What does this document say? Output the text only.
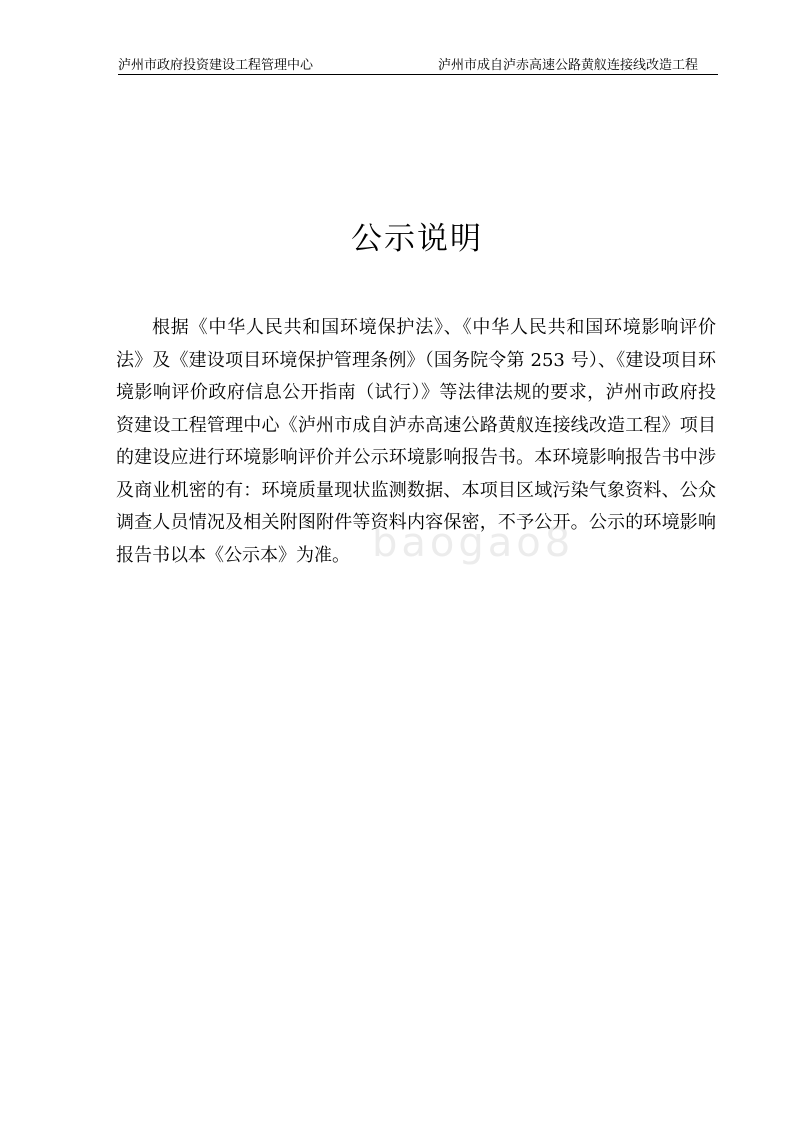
泸州市政府投资建设工程管理中心	泸州市成自泸赤高速公路黄舣连接线改造工程
公示说明

根据《中华人民共和国环境保护法》、《中华人民共和国环境影响评价法》及《建设项目环境保护管理条例》（国务院令第 253 号）、《建设项目环境影响评价政府信息公开指南（试行）》等法律法规的要求，泸州市政府投资建设工程管理中心《泸州市成自泸赤高速公路黄舣连接线改造工程》项目的建设应进行环境影响评价并公示环境影响报告书。本环境影响报告书中涉及商业机密的有：环境质量现状监测数据、本项目区域污染气象资料、公众调查人员情况及相关附图附件等资料内容保密，不予公开。公示的环境影响报告书以本《公示本》为准。 baogao8
